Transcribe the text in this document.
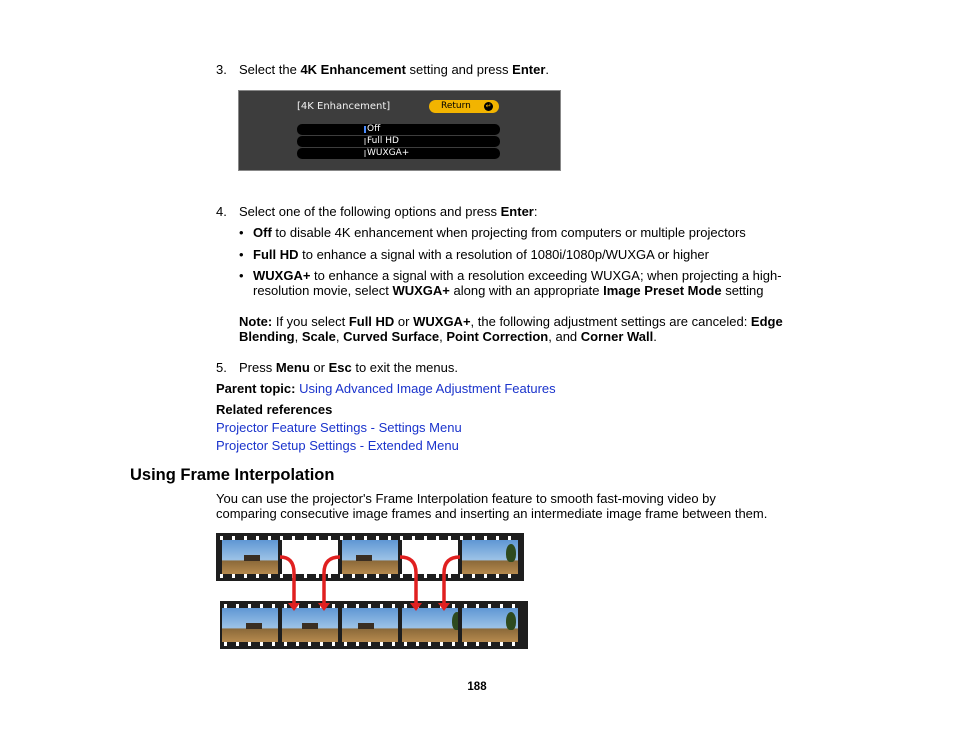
3. Select the 4K Enhancement setting and press Enter.
[4K Enhancement]	Return ↵
Off
Full HD
WUXGA+
4. Select one of the following options and press Enter:
• Off to disable 4K enhancement when projecting from computers or multiple projectors
• Full HD to enhance a signal with a resolution of 1080i/1080p/WUXGA or higher
• WUXGA+ to enhance a signal with a resolution exceeding WUXGA; when projecting a high-resolution movie, select WUXGA+ along with an appropriate Image Preset Mode setting
Note: If you select Full HD or WUXGA+, the following adjustment settings are canceled: Edge Blending, Scale, Curved Surface, Point Correction, and Corner Wall.
5. Press Menu or Esc to exit the menus.
Parent topic: Using Advanced Image Adjustment Features
Related references
Projector Feature Settings - Settings Menu
Projector Setup Settings - Extended Menu
Using Frame Interpolation
You can use the projector's Frame Interpolation feature to smooth fast-moving video by comparing consecutive image frames and inserting an intermediate image frame between them.
188
